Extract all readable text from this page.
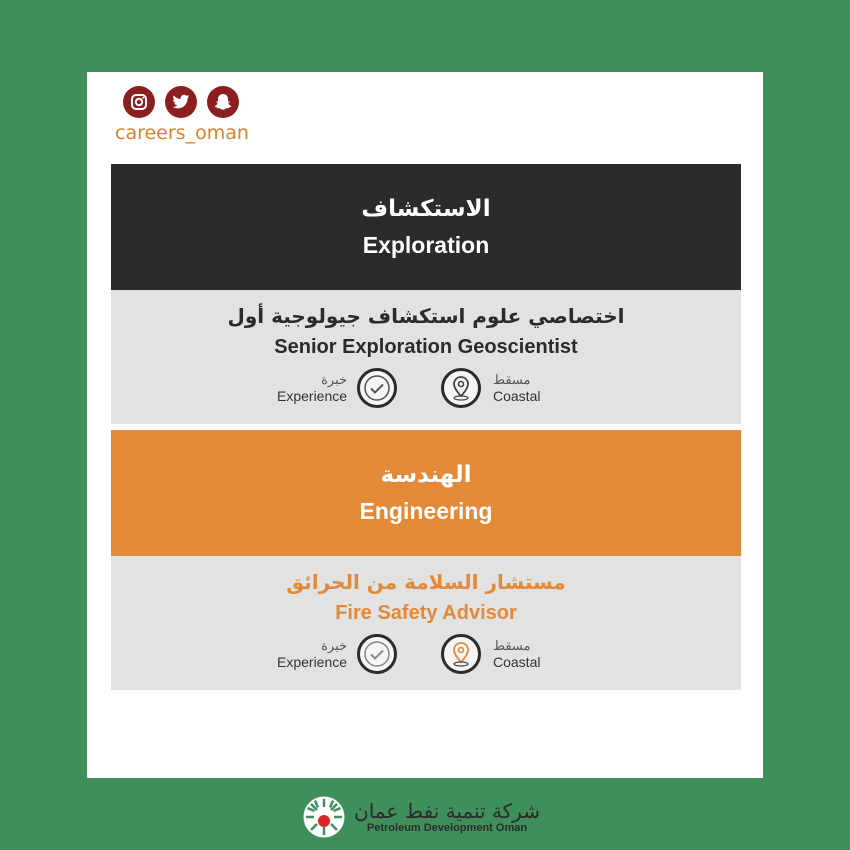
careers_oman
الاستكشاف
Exploration
اختصاصي علوم استكشاف جيولوجية أول
Senior Exploration Geoscientist
خبرة
Experience
مسقط
Coastal
الهندسة
Engineering
مستشار السلامة من الحرائق
Fire Safety Advisor
خبرة
Experience
مسقط
Coastal
شركة تنمية نفط عمان
Petroleum Development Oman
